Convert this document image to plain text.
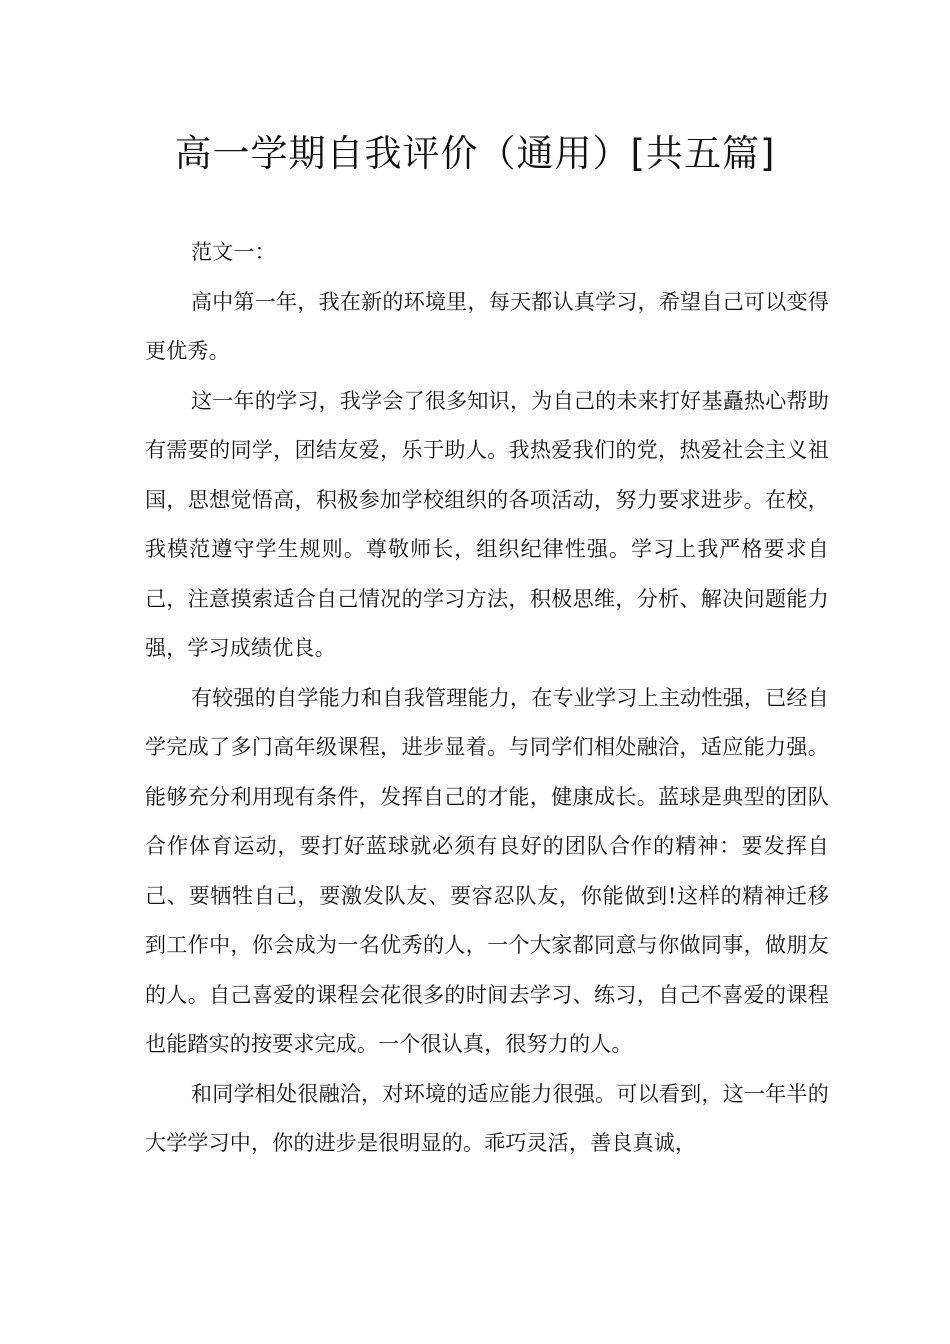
高一学期自我评价（通用）[共五篇]

范文一：

高中第一年，我在新的环境里，每天都认真学习，希望自己可以变得更优秀。

这一年的学习，我学会了很多知识，为自己的未来打好基矗热心帮助有需要的同学，团结友爱，乐于助人。我热爱我们的党，热爱社会主义祖国，思想觉悟高，积极参加学校组织的各项活动，努力要求进步。在校，我模范遵守学生规则。尊敬师长，组织纪律性强。学习上我严格要求自己，注意摸索适合自己情况的学习方法，积极思维，分析、解决问题能力强，学习成绩优良。

有较强的自学能力和自我管理能力，在专业学习上主动性强，已经自学完成了多门高年级课程，进步显着。与同学们相处融洽，适应能力强。能够充分利用现有条件，发挥自己的才能，健康成长。蓝球是典型的团队合作体育运动，要打好蓝球就必须有良好的团队合作的精神：要发挥自己、要牺牲自己，要激发队友、要容忍队友，你能做到!这样的精神迁移到工作中，你会成为一名优秀的人，一个大家都同意与你做同事，做朋友的人。自己喜爱的课程会花很多的时间去学习、练习，自己不喜爱的课程也能踏实的按要求完成。一个很认真，很努力的人。

和同学相处很融洽，对环境的适应能力很强。可以看到，这一年半的大学学习中，你的进步是很明显的。乖巧灵活，善良真诚，
